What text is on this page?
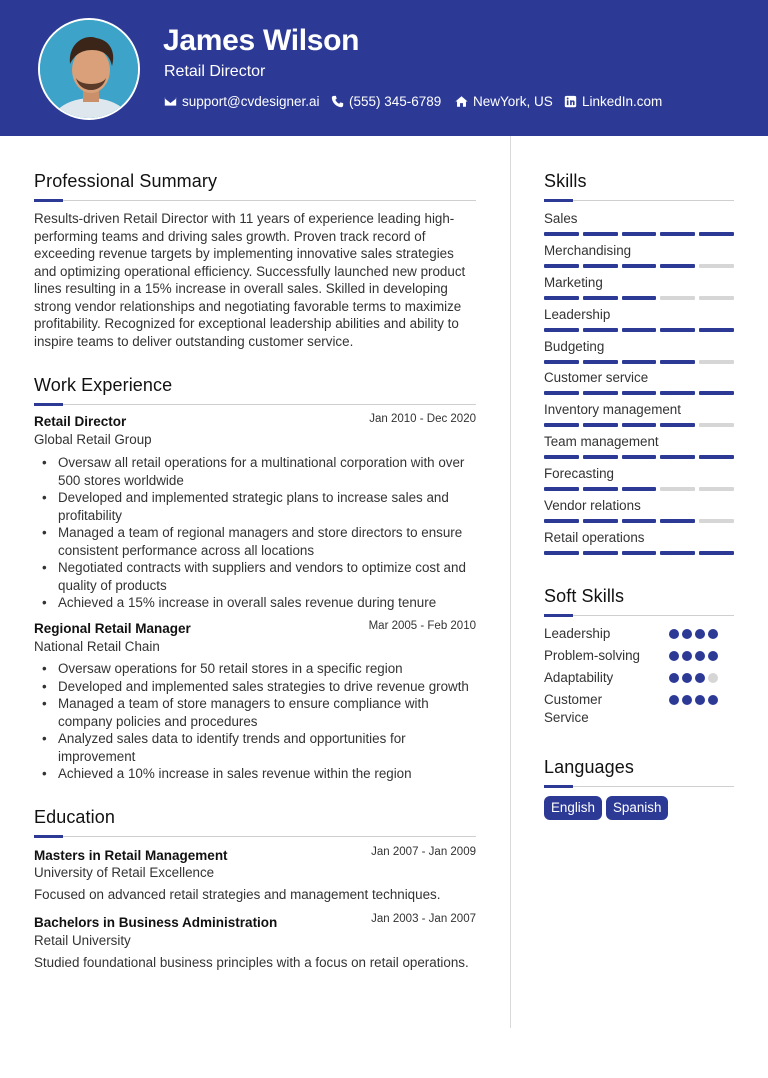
James Wilson
Retail Director
support@cvdesigner.ai (555) 345-6789 NewYork, US LinkedIn.com
Professional Summary
Results-driven Retail Director with 11 years of experience leading high-performing teams and driving sales growth. Proven track record of exceeding revenue targets by implementing innovative sales strategies and optimizing operational efficiency. Successfully launched new product lines resulting in a 15% increase in overall sales. Skilled in developing strong vendor relationships and negotiating favorable terms to maximize profitability. Recognized for exceptional leadership abilities and ability to inspire teams to deliver outstanding customer service.
Work Experience
Retail Director	Jan 2010 - Dec 2020
Global Retail Group
• Oversaw all retail operations for a multinational corporation with over 500 stores worldwide
• Developed and implemented strategic plans to increase sales and profitability
• Managed a team of regional managers and store directors to ensure consistent performance across all locations
• Negotiated contracts with suppliers and vendors to optimize cost and quality of products
• Achieved a 15% increase in overall sales revenue during tenure
Regional Retail Manager	Mar 2005 - Feb 2010
National Retail Chain
• Oversaw operations for 50 retail stores in a specific region
• Developed and implemented sales strategies to drive revenue growth
• Managed a team of store managers to ensure compliance with company policies and procedures
• Analyzed sales data to identify trends and opportunities for improvement
• Achieved a 10% increase in sales revenue within the region
Education
Masters in Retail Management	Jan 2007 - Jan 2009
University of Retail Excellence
Focused on advanced retail strategies and management techniques.
Bachelors in Business Administration	Jan 2003 - Jan 2007
Retail University
Studied foundational business principles with a focus on retail operations.
Skills
Sales
Merchandising
Marketing
Leadership
Budgeting
Customer service
Inventory management
Team management
Forecasting
Vendor relations
Retail operations
Soft Skills
Leadership
Problem-solving
Adaptability
Customer Service
Languages
English	Spanish
